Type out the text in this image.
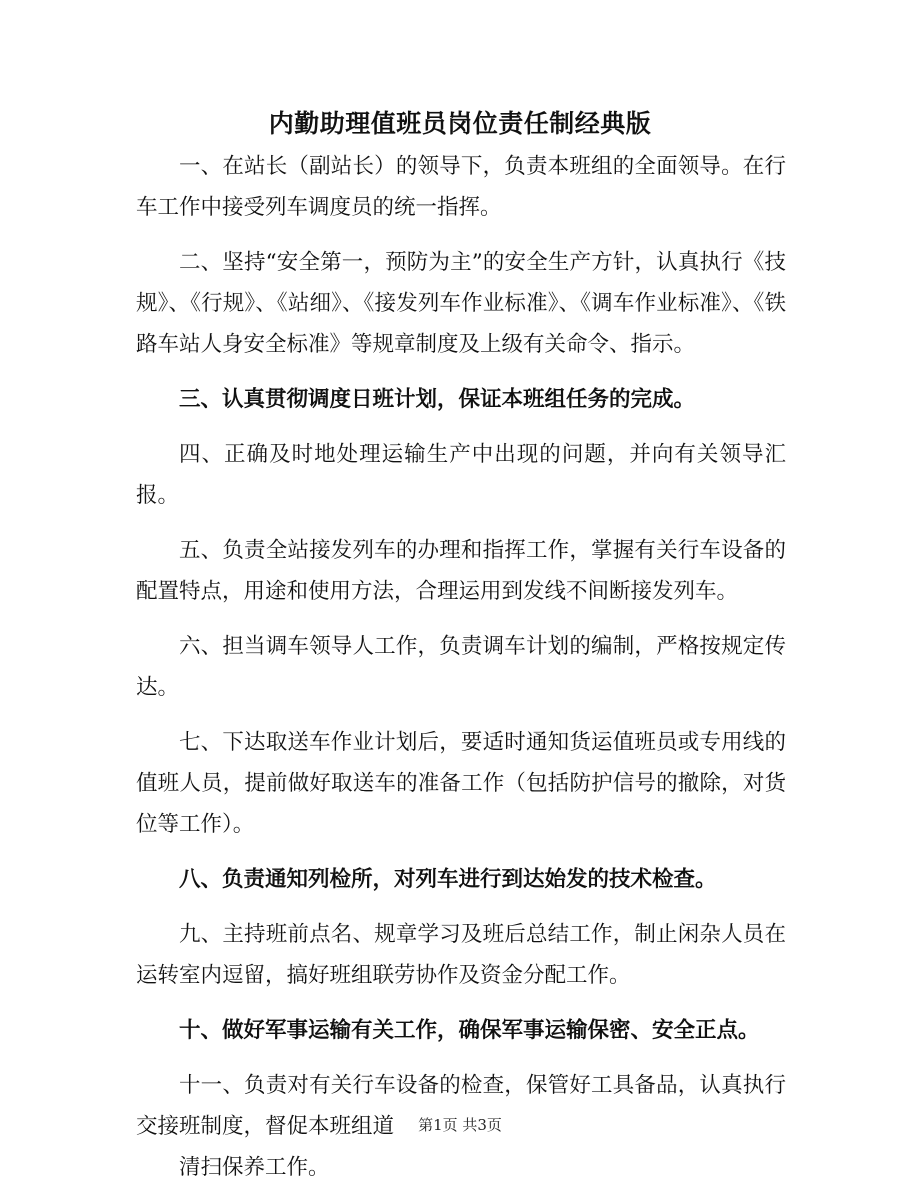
内勤助理值班员岗位责任制经典版

一、在站长（副站长）的领导下，负责本班组的全面领导。在行车工作中接受列车调度员的统一指挥。

二、坚持“安全第一，预防为主”的安全生产方针，认真执行《技规》、《行规》、《站细》、《接发列车作业标准》、《调车作业标准》、《铁路车站人身安全标准》等规章制度及上级有关命令、指示。

三、认真贯彻调度日班计划，保证本班组任务的完成。

四、正确及时地处理运输生产中出现的问题，并向有关领导汇报。

五、负责全站接发列车的办理和指挥工作，掌握有关行车设备的配置特点，用途和使用方法，合理运用到发线不间断接发列车。

六、担当调车领导人工作，负责调车计划的编制，严格按规定传达。

七、下达取送车作业计划后，要适时通知货运值班员或专用线的值班人员，提前做好取送车的准备工作（包括防护信号的撤除，对货位等工作）。

八、负责通知列检所，对列车进行到达始发的技术检查。

九、主持班前点名、规章学习及班后总结工作，制止闲杂人员在运转室内逗留，搞好班组联劳协作及资金分配工作。

十、做好军事运输有关工作，确保军事运输保密、安全正点。

十一、负责对有关行车设备的检查，保管好工具备品，认真执行交接班制度，督促本班组道

清扫保养工作。

第1页 共3页
